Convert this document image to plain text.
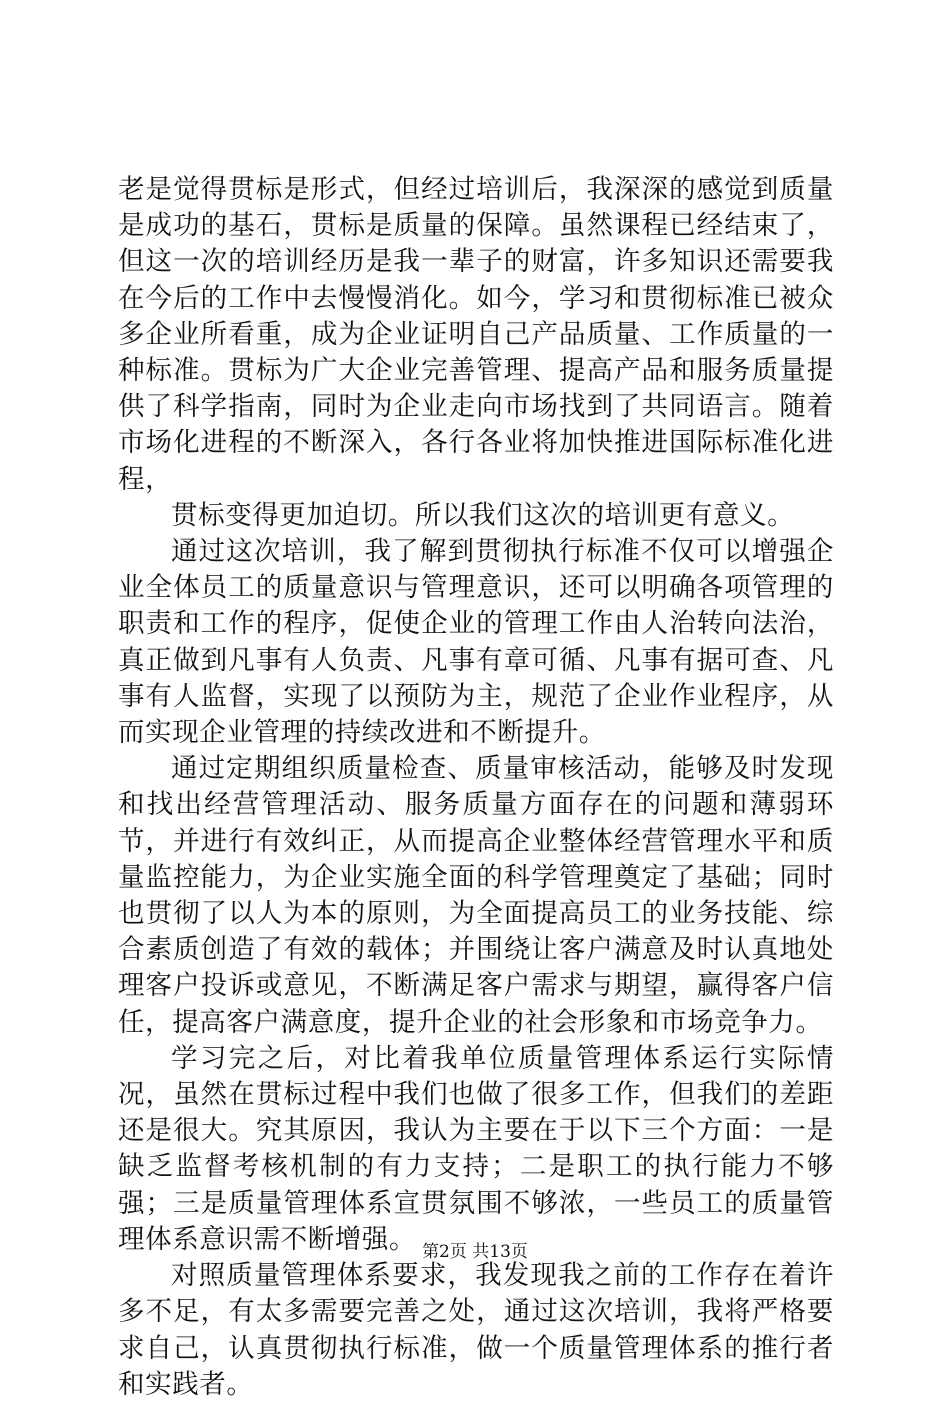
老是觉得贯标是形式，但经过培训后，我深深的感觉到质量是成功的基石，贯标是质量的保障。虽然课程已经结束了，但这一次的培训经历是我一辈子的财富，许多知识还需要我在今后的工作中去慢慢消化。如今，学习和贯彻标准已被众多企业所看重，成为企业证明自己产品质量、工作质量的一种标准。贯标为广大企业完善管理、提高产品和服务质量提供了科学指南，同时为企业走向市场找到了共同语言。随着市场化进程的不断深入，各行各业将加快推进国际标准化进程，

贯标变得更加迫切。所以我们这次的培训更有意义。

通过这次培训，我了解到贯彻执行标准不仅可以增强企业全体员工的质量意识与管理意识，还可以明确各项管理的职责和工作的程序，促使企业的管理工作由人治转向法治，真正做到凡事有人负责、凡事有章可循、凡事有据可查、凡事有人监督，实现了以预防为主，规范了企业作业程序，从而实现企业管理的持续改进和不断提升。

通过定期组织质量检查、质量审核活动，能够及时发现和找出经营管理活动、服务质量方面存在的问题和薄弱环节，并进行有效纠正，从而提高企业整体经营管理水平和质量监控能力，为企业实施全面的科学管理奠定了基础；同时也贯彻了以人为本的原则，为全面提高员工的业务技能、综合素质创造了有效的载体；并围绕让客户满意及时认真地处理客户投诉或意见，不断满足客户需求与期望，赢得客户信任，提高客户满意度，提升企业的社会形象和市场竞争力。

学习完之后，对比着我单位质量管理体系运行实际情况，虽然在贯标过程中我们也做了很多工作，但我们的差距还是很大。究其原因，我认为主要在于以下三个方面：一是缺乏监督考核机制的有力支持；二是职工的执行能力不够强；三是质量管理体系宣贯氛围不够浓，一些员工的质量管理体系意识需不断增强。

对照质量管理体系要求，我发现我之前的工作存在着许多不足，有太多需要完善之处，通过这次培训，我将严格要求自己，认真贯彻执行标准，做一个质量管理体系的推行者和实践者。

第2页 共13页
